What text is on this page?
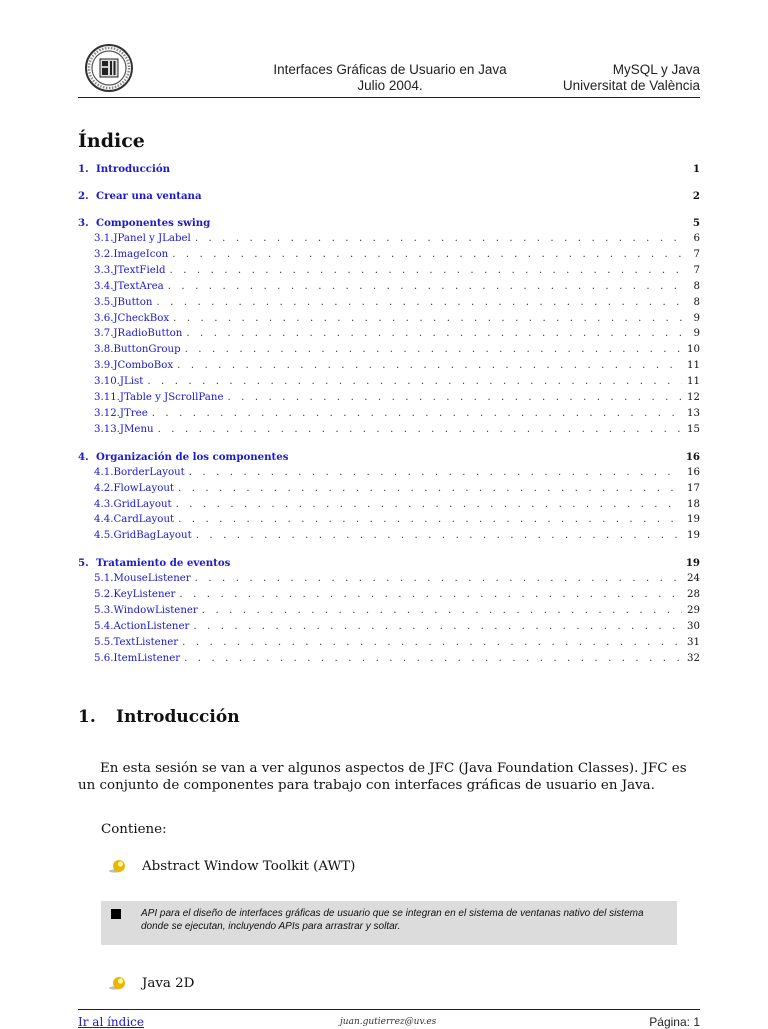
Interfaces Gráficas de Usuario en Java
Julio 2004.
MySQL y Java
Universitat de València
Índice
1. Introducción	1
2. Crear una ventana	2
3. Componentes swing	5
3.1. JPanel y JLabel . . .	6
3.2. ImageIcon . . .	7
3.3. JTextField . . .	7
3.4. JTextArea . . .	8
3.5. JButton . . .	8
3.6. JCheckBox . . .	9
3.7. JRadioButton . . .	9
3.8. ButtonGroup . . .	10
3.9. JComboBox . . .	11
3.10. JList . . .	11
3.11. JTable y JScrollPane . . .	12
3.12. JTree . . .	13
3.13. JMenu . . .	15
4. Organización de los componentes	16
4.1. BorderLayout . . .	16
4.2. FlowLayout . . .	17
4.3. GridLayout . . .	18
4.4. CardLayout . . .	19
4.5. GridBagLayout . . .	19
5. Tratamiento de eventos	19
5.1. MouseListener . . .	24
5.2. KeyListener . . .	28
5.3. WindowListener . . .	29
5.4. ActionListener . . .	30
5.5. TextListener . . .	31
5.6. ItemListener . . .	32
1. Introducción
En esta sesión se van a ver algunos aspectos de JFC (Java Foundation Classes). JFC es un conjunto de componentes para trabajo con interfaces gráficas de usuario en Java.
Contiene:
Abstract Window Toolkit (AWT)
API para el diseño de interfaces gráficas de usuario que se integran en el sistema de ventanas nativo del sistema donde se ejecutan, incluyendo APIs para arrastrar y soltar.
Java 2D
Ir al índice	juan.gutierrez@uv.es	Página: 1
